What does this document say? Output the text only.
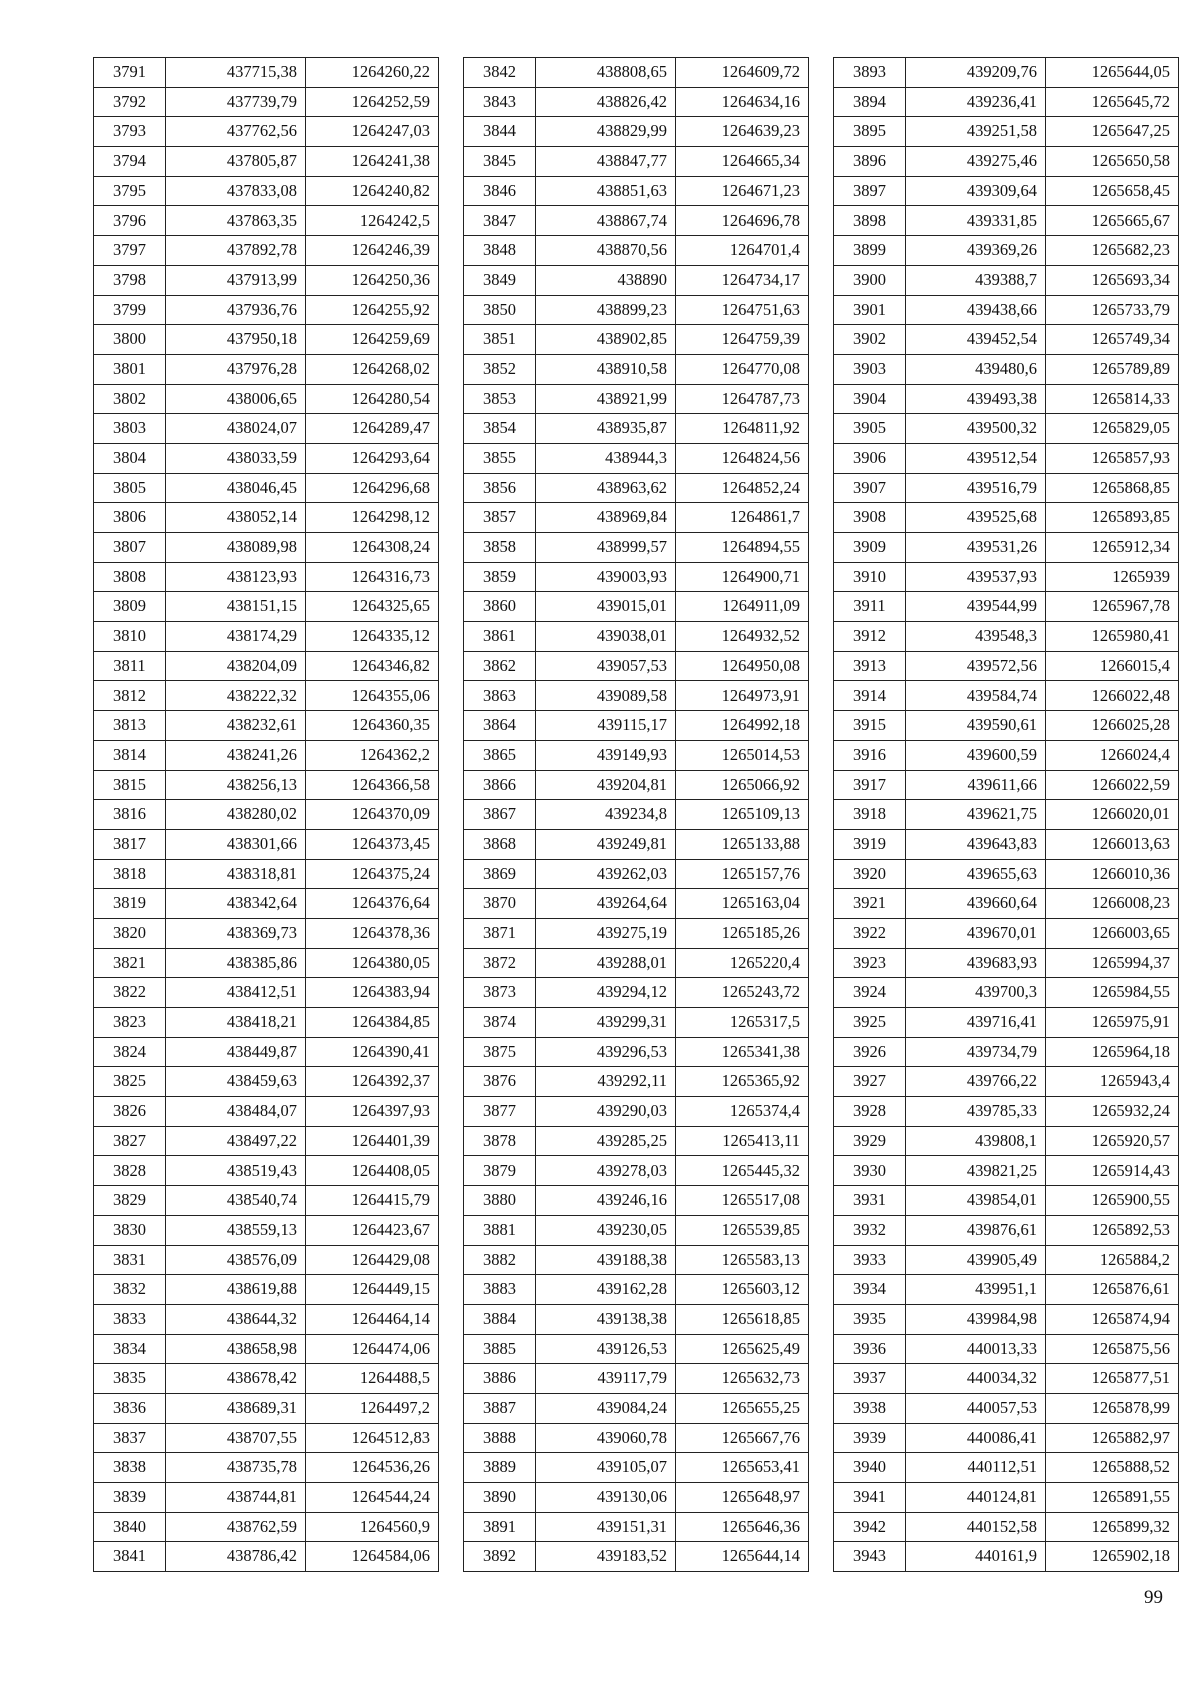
3791	437715,38	1264260,22
3792	437739,79	1264252,59
3793	437762,56	1264247,03
3794	437805,87	1264241,38
3795	437833,08	1264240,82
3796	437863,35	1264242,5
3797	437892,78	1264246,39
3798	437913,99	1264250,36
3799	437936,76	1264255,92
3800	437950,18	1264259,69
3801	437976,28	1264268,02
3802	438006,65	1264280,54
3803	438024,07	1264289,47
3804	438033,59	1264293,64
3805	438046,45	1264296,68
3806	438052,14	1264298,12
3807	438089,98	1264308,24
3808	438123,93	1264316,73
3809	438151,15	1264325,65
3810	438174,29	1264335,12
3811	438204,09	1264346,82
3812	438222,32	1264355,06
3813	438232,61	1264360,35
3814	438241,26	1264362,2
3815	438256,13	1264366,58
3816	438280,02	1264370,09
3817	438301,66	1264373,45
3818	438318,81	1264375,24
3819	438342,64	1264376,64
3820	438369,73	1264378,36
3821	438385,86	1264380,05
3822	438412,51	1264383,94
3823	438418,21	1264384,85
3824	438449,87	1264390,41
3825	438459,63	1264392,37
3826	438484,07	1264397,93
3827	438497,22	1264401,39
3828	438519,43	1264408,05
3829	438540,74	1264415,79
3830	438559,13	1264423,67
3831	438576,09	1264429,08
3832	438619,88	1264449,15
3833	438644,32	1264464,14
3834	438658,98	1264474,06
3835	438678,42	1264488,5
3836	438689,31	1264497,2
3837	438707,55	1264512,83
3838	438735,78	1264536,26
3839	438744,81	1264544,24
3840	438762,59	1264560,9
3841	438786,42	1264584,06
3842	438808,65	1264609,72
3843	438826,42	1264634,16
3844	438829,99	1264639,23
3845	438847,77	1264665,34
3846	438851,63	1264671,23
3847	438867,74	1264696,78
3848	438870,56	1264701,4
3849	438890	1264734,17
3850	438899,23	1264751,63
3851	438902,85	1264759,39
3852	438910,58	1264770,08
3853	438921,99	1264787,73
3854	438935,87	1264811,92
3855	438944,3	1264824,56
3856	438963,62	1264852,24
3857	438969,84	1264861,7
3858	438999,57	1264894,55
3859	439003,93	1264900,71
3860	439015,01	1264911,09
3861	439038,01	1264932,52
3862	439057,53	1264950,08
3863	439089,58	1264973,91
3864	439115,17	1264992,18
3865	439149,93	1265014,53
3866	439204,81	1265066,92
3867	439234,8	1265109,13
3868	439249,81	1265133,88
3869	439262,03	1265157,76
3870	439264,64	1265163,04
3871	439275,19	1265185,26
3872	439288,01	1265220,4
3873	439294,12	1265243,72
3874	439299,31	1265317,5
3875	439296,53	1265341,38
3876	439292,11	1265365,92
3877	439290,03	1265374,4
3878	439285,25	1265413,11
3879	439278,03	1265445,32
3880	439246,16	1265517,08
3881	439230,05	1265539,85
3882	439188,38	1265583,13
3883	439162,28	1265603,12
3884	439138,38	1265618,85
3885	439126,53	1265625,49
3886	439117,79	1265632,73
3887	439084,24	1265655,25
3888	439060,78	1265667,76
3889	439105,07	1265653,41
3890	439130,06	1265648,97
3891	439151,31	1265646,36
3892	439183,52	1265644,14
3893	439209,76	1265644,05
3894	439236,41	1265645,72
3895	439251,58	1265647,25
3896	439275,46	1265650,58
3897	439309,64	1265658,45
3898	439331,85	1265665,67
3899	439369,26	1265682,23
3900	439388,7	1265693,34
3901	439438,66	1265733,79
3902	439452,54	1265749,34
3903	439480,6	1265789,89
3904	439493,38	1265814,33
3905	439500,32	1265829,05
3906	439512,54	1265857,93
3907	439516,79	1265868,85
3908	439525,68	1265893,85
3909	439531,26	1265912,34
3910	439537,93	1265939
3911	439544,99	1265967,78
3912	439548,3	1265980,41
3913	439572,56	1266015,4
3914	439584,74	1266022,48
3915	439590,61	1266025,28
3916	439600,59	1266024,4
3917	439611,66	1266022,59
3918	439621,75	1266020,01
3919	439643,83	1266013,63
3920	439655,63	1266010,36
3921	439660,64	1266008,23
3922	439670,01	1266003,65
3923	439683,93	1265994,37
3924	439700,3	1265984,55
3925	439716,41	1265975,91
3926	439734,79	1265964,18
3927	439766,22	1265943,4
3928	439785,33	1265932,24
3929	439808,1	1265920,57
3930	439821,25	1265914,43
3931	439854,01	1265900,55
3932	439876,61	1265892,53
3933	439905,49	1265884,2
3934	439951,1	1265876,61
3935	439984,98	1265874,94
3936	440013,33	1265875,56
3937	440034,32	1265877,51
3938	440057,53	1265878,99
3939	440086,41	1265882,97
3940	440112,51	1265888,52
3941	440124,81	1265891,55
3942	440152,58	1265899,32
3943	440161,9	1265902,18
99
